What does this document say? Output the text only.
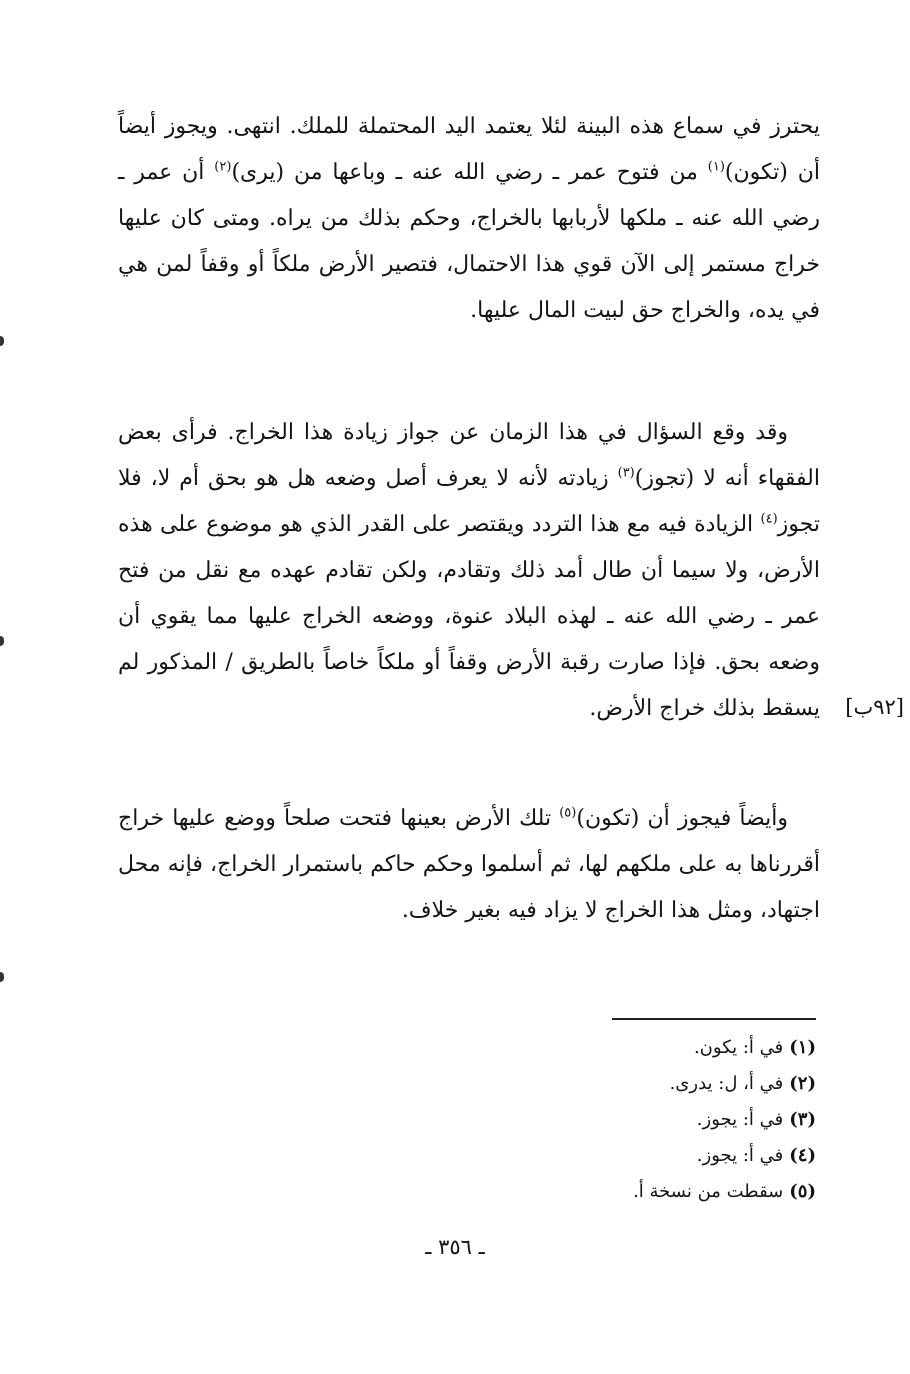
يحترز في سماع هذه البينة لئلا يعتمد اليد المحتملة للملك. انتهى. ويجوز أيضاً أن (تكون)$^{(١)}$ من فتوح عمر ـ رضي الله عنه ـ وباعها من (يرى)$^{(٢)}$ أن عمر ـ رضي الله عنه ـ ملكها لأربابها بالخراج، وحكم بذلك من يراه. ومتى كان عليها خراج مستمر إلى الآن قوي هذا الاحتمال، فتصير الأرض ملكاً أو وقفاً لمن هي في يده، والخراج حق لبيت المال عليها.

وقد وقع السؤال في هذا الزمان عن جواز زيادة هذا الخراج. فرأى بعض الفقهاء أنه لا (تجوز)$^{(٣)}$ زيادته لأنه لا يعرف أصل وضعه هل هو بحق أم لا، فلا تجوز$^{(٤)}$ الزيادة فيه مع هذا التردد ويقتصر على القدر الذي هو موضوع على هذه الأرض، ولا سيما أن طال أمد ذلك وتقادم، ولكن تقادم عهده مع نقل من فتح عمر ـ رضي الله عنه ـ لهذه البلاد عنوة، ووضعه الخراج عليها مما يقوي أن وضعه بحق. فإذا صارت رقبة الأرض وقفاً أو ملكاً خاصاً بالطريق / المذكور لم يسقط بذلك خراج الأرض. [٩٢ب]

وأيضاً فيجوز أن (تكون)$^{(٥)}$ تلك الأرض بعينها فتحت صلحاً ووضع عليها خراج أقررناها به على ملكهم لها، ثم أسلموا وحكم حاكم باستمرار الخراج، فإنه محل اجتهاد، ومثل هذا الخراج لا يزاد فيه بغير خلاف.

(١)في أ: يكون.
(٢)في أ، ل: يدرى.
(٣)في أ: يجوز.
(٤)في أ: يجوز.
(٥)سقطت من نسخة أ.
ـ ٣٥٦ ـ
